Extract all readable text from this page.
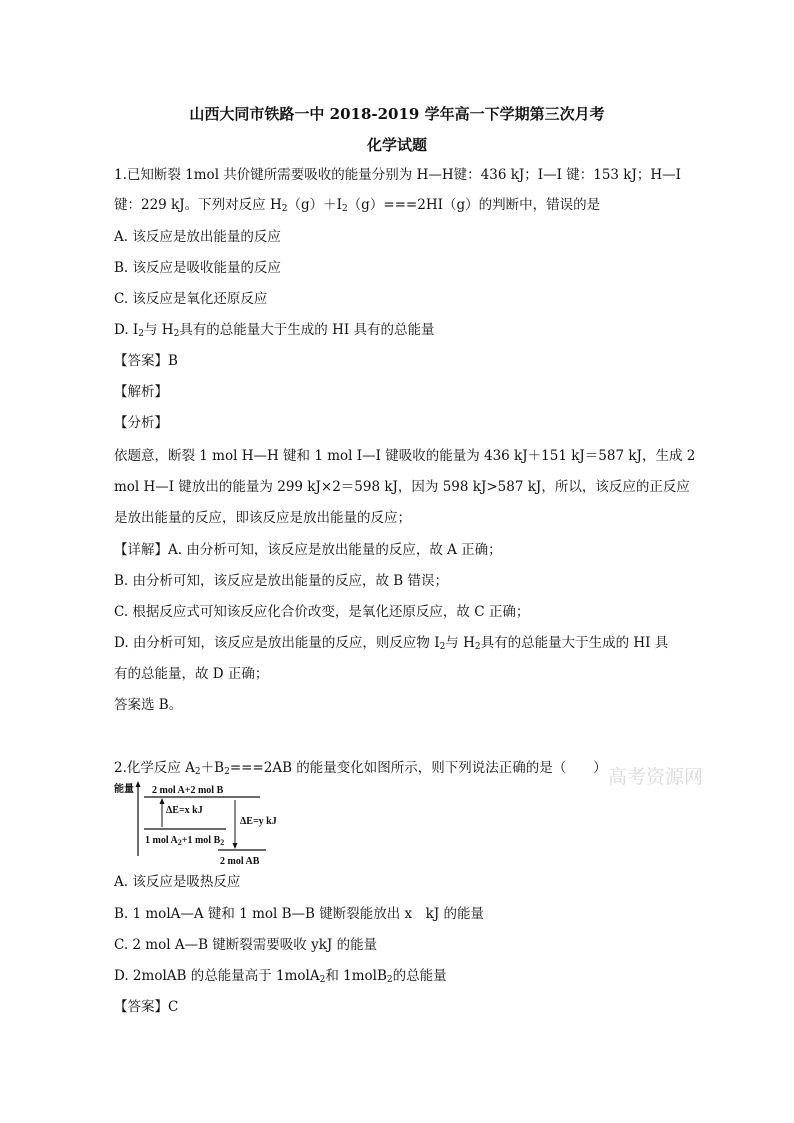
山西大同市铁路一中 2018-2019 学年高一下学期第三次月考
化学试题
1.已知断裂 1mol 共价键所需要吸收的能量分别为 H—H键：436 kJ；I—I 键：153 kJ；H—I
键：229 kJ。下列对反应 $H_2(g)+I_2(g)===2HI(g)$的判断中，错误的是
A. 该反应是放出能量的反应
B. 该反应是吸收能量的反应
C. 该反应是氧化还原反应
D. $I_2$与 $H_2$具有的总能量大于生成的 HI 具有的总能量
【答案】B
【解析】
【分析】
依题意，断裂 1 mol H—H 键和 1 mol I—I 键吸收的能量为 436 kJ＋151 kJ＝587 kJ，生成 2
mol H—I 键放出的能量为 299 kJ×2＝598 kJ，因为 598 kJ>587 kJ，所以，该反应的正反应
是放出能量的反应，即该反应是放出能量的反应；
【详解】A. 由分析可知，该反应是放出能量的反应，故 A 正确；
B. 由分析可知，该反应是放出能量的反应，故 B 错误；
C. 根据反应式可知该反应化合价改变，是氧化还原反应，故 C 正确；
D. 由分析可知，该反应是放出能量的反应，则反应物 $I_2$与 $H_2$具有的总能量大于生成的 HI 具
有的总能量，故 D 正确；
答案选 B。
2.化学反应 $A_2+B_2===2AB$ 的能量变化如图所示，则下列说法正确的是（　　） 高考资源网
能量 2 mol A+2 mol B
1 mol $A_2+1$ mol $B_2$
2 mol AB
ΔE=x kJ
ΔE=y kJ
A. 该反应是吸热反应
B. 1 molA—A 键和 1 mol B—B 键断裂能放出 x　kJ 的能量
C. 2 mol A—B 键断裂需要吸收 ykJ 的能量
D. 2molAB 的总能量高于 1molA$_2$和 1molB$_2$的总能量
【答案】C
